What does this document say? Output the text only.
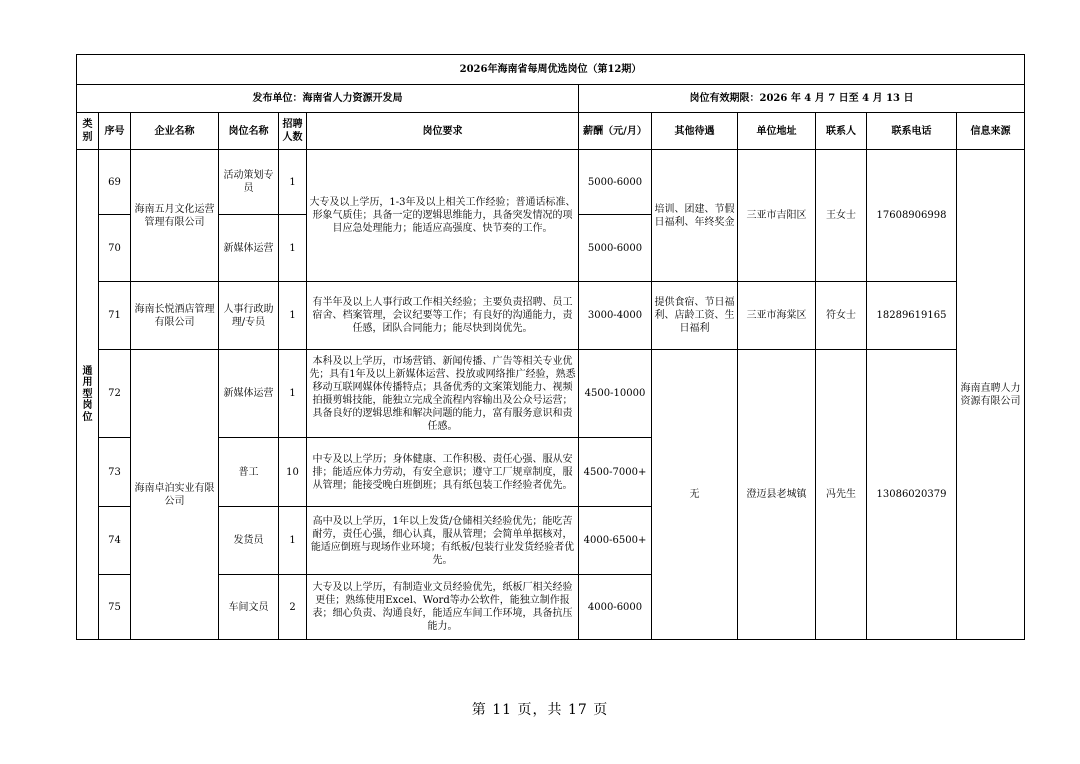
2026年海南省每周优选岗位（第12期）											
发布单位：海南省人力资源开发局						岗位有效期限：2026 年 4 月 7 日至 4 月 13 日					
类别	序号	企业名称	岗位名称	招聘人数	岗位要求	薪酬（元/月）	其他待遇	单位地址	联系人	联系电话	信息来源
通用型岗位	69	海南五月文化运营管理有限公司	活动策划专员	1	大专及以上学历，1-3年及以上相关工作经验；普通话标准、形象气质佳；具备一定的逻辑思维能力，具备突发情况的项目应急处理能力；能适应高强度、快节奏的工作。	5000-6000	培训、团建、节假日福利、年终奖金	三亚市吉阳区	王女士	17608906998	海南直聘人力资源有限公司
	70		新媒体运营	1		5000-6000					
	71	海南长悦酒店管理有限公司	人事行政助理/专员	1	有半年及以上人事行政工作相关经验；主要负责招聘、员工宿舍、档案管理，会议纪要等工作；有良好的沟通能力，责任感，团队合同能力；能尽快到岗优先。	3000-4000	提供食宿、节日福利、店龄工资、生日福利	三亚市海棠区	符女士	18289619165	
	72	海南卓泊实业有限公司	新媒体运营	1	本科及以上学历，市场营销、新闻传播、广告等相关专业优先；具有1年及以上新媒体运营、投放或网络推广经验，熟悉移动互联网媒体传播特点；具备优秀的文案策划能力、视频拍摄剪辑技能，能独立完成全流程内容输出及公众号运营；具备良好的逻辑思维和解决问题的能力，富有服务意识和责任感。	4500-10000	无	澄迈县老城镇	冯先生	13086020379	
	73		普工	10	中专及以上学历；身体健康、工作积极、责任心强、服从安排；能适应体力劳动，有安全意识；遵守工厂规章制度，服从管理；能接受晚白班倒班；具有纸包装工作经验者优先。	4500-7000+					
	74		发货员	1	高中及以上学历，1年以上发货/仓储相关经验优先；能吃苦耐劳，责任心强，细心认真，服从管理；会简单单据核对，能适应倒班与现场作业环境；有纸板/包装行业发货经验者优先。	4000-6500+					
	75		车间文员	2	大专及以上学历，有制造业文员经验优先，纸板厂相关经验更佳；熟练使用Excel、Word等办公软件，能独立制作报表；细心负责、沟通良好，能适应车间工作环境，具备抗压能力。	4000-6000					
第 11 页，共 17 页
